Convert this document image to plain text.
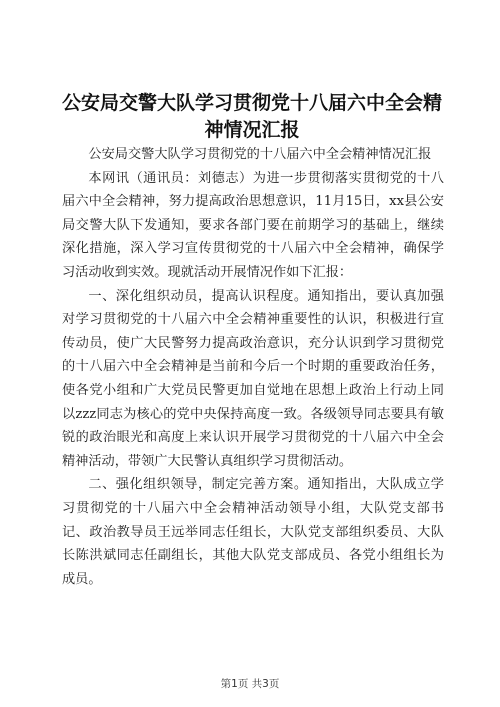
公安局交警大队学习贯彻党十八届六中全会精神情况汇报

公安局交警大队学习贯彻党的十八届六中全会精神情况汇报

本网讯（通讯员：刘德志）为进一步贯彻落实贯彻党的十八届六中全会精神，努力提高政治思想意识，11月15日，xx县公安局交警大队下发通知，要求各部门要在前期学习的基础上，继续深化措施，深入学习宣传贯彻党的十八届六中全会精神，确保学习活动收到实效。现就活动开展情况作如下汇报：

一、深化组织动员，提高认识程度。通知指出，要认真加强对学习贯彻党的十八届六中全会精神重要性的认识，积极进行宣传动员，使广大民警努力提高政治意识，充分认识到学习贯彻党的十八届六中全会精神是当前和今后一个时期的重要政治任务，使各党小组和广大党员民警更加自觉地在思想上政治上行动上同以zzz同志为核心的党中央保持高度一致。各级领导同志要具有敏锐的政治眼光和高度上来认识开展学习贯彻党的十八届六中全会精神活动，带领广大民警认真组织学习贯彻活动。

二、强化组织领导，制定完善方案。通知指出，大队成立学习贯彻党的十八届六中全会精神活动领导小组，大队党支部书记、政治教导员王远举同志任组长，大队党支部组织委员、大队长陈洪斌同志任副组长，其他大队党支部成员、各党小组组长为成员。

第1页 共3页
